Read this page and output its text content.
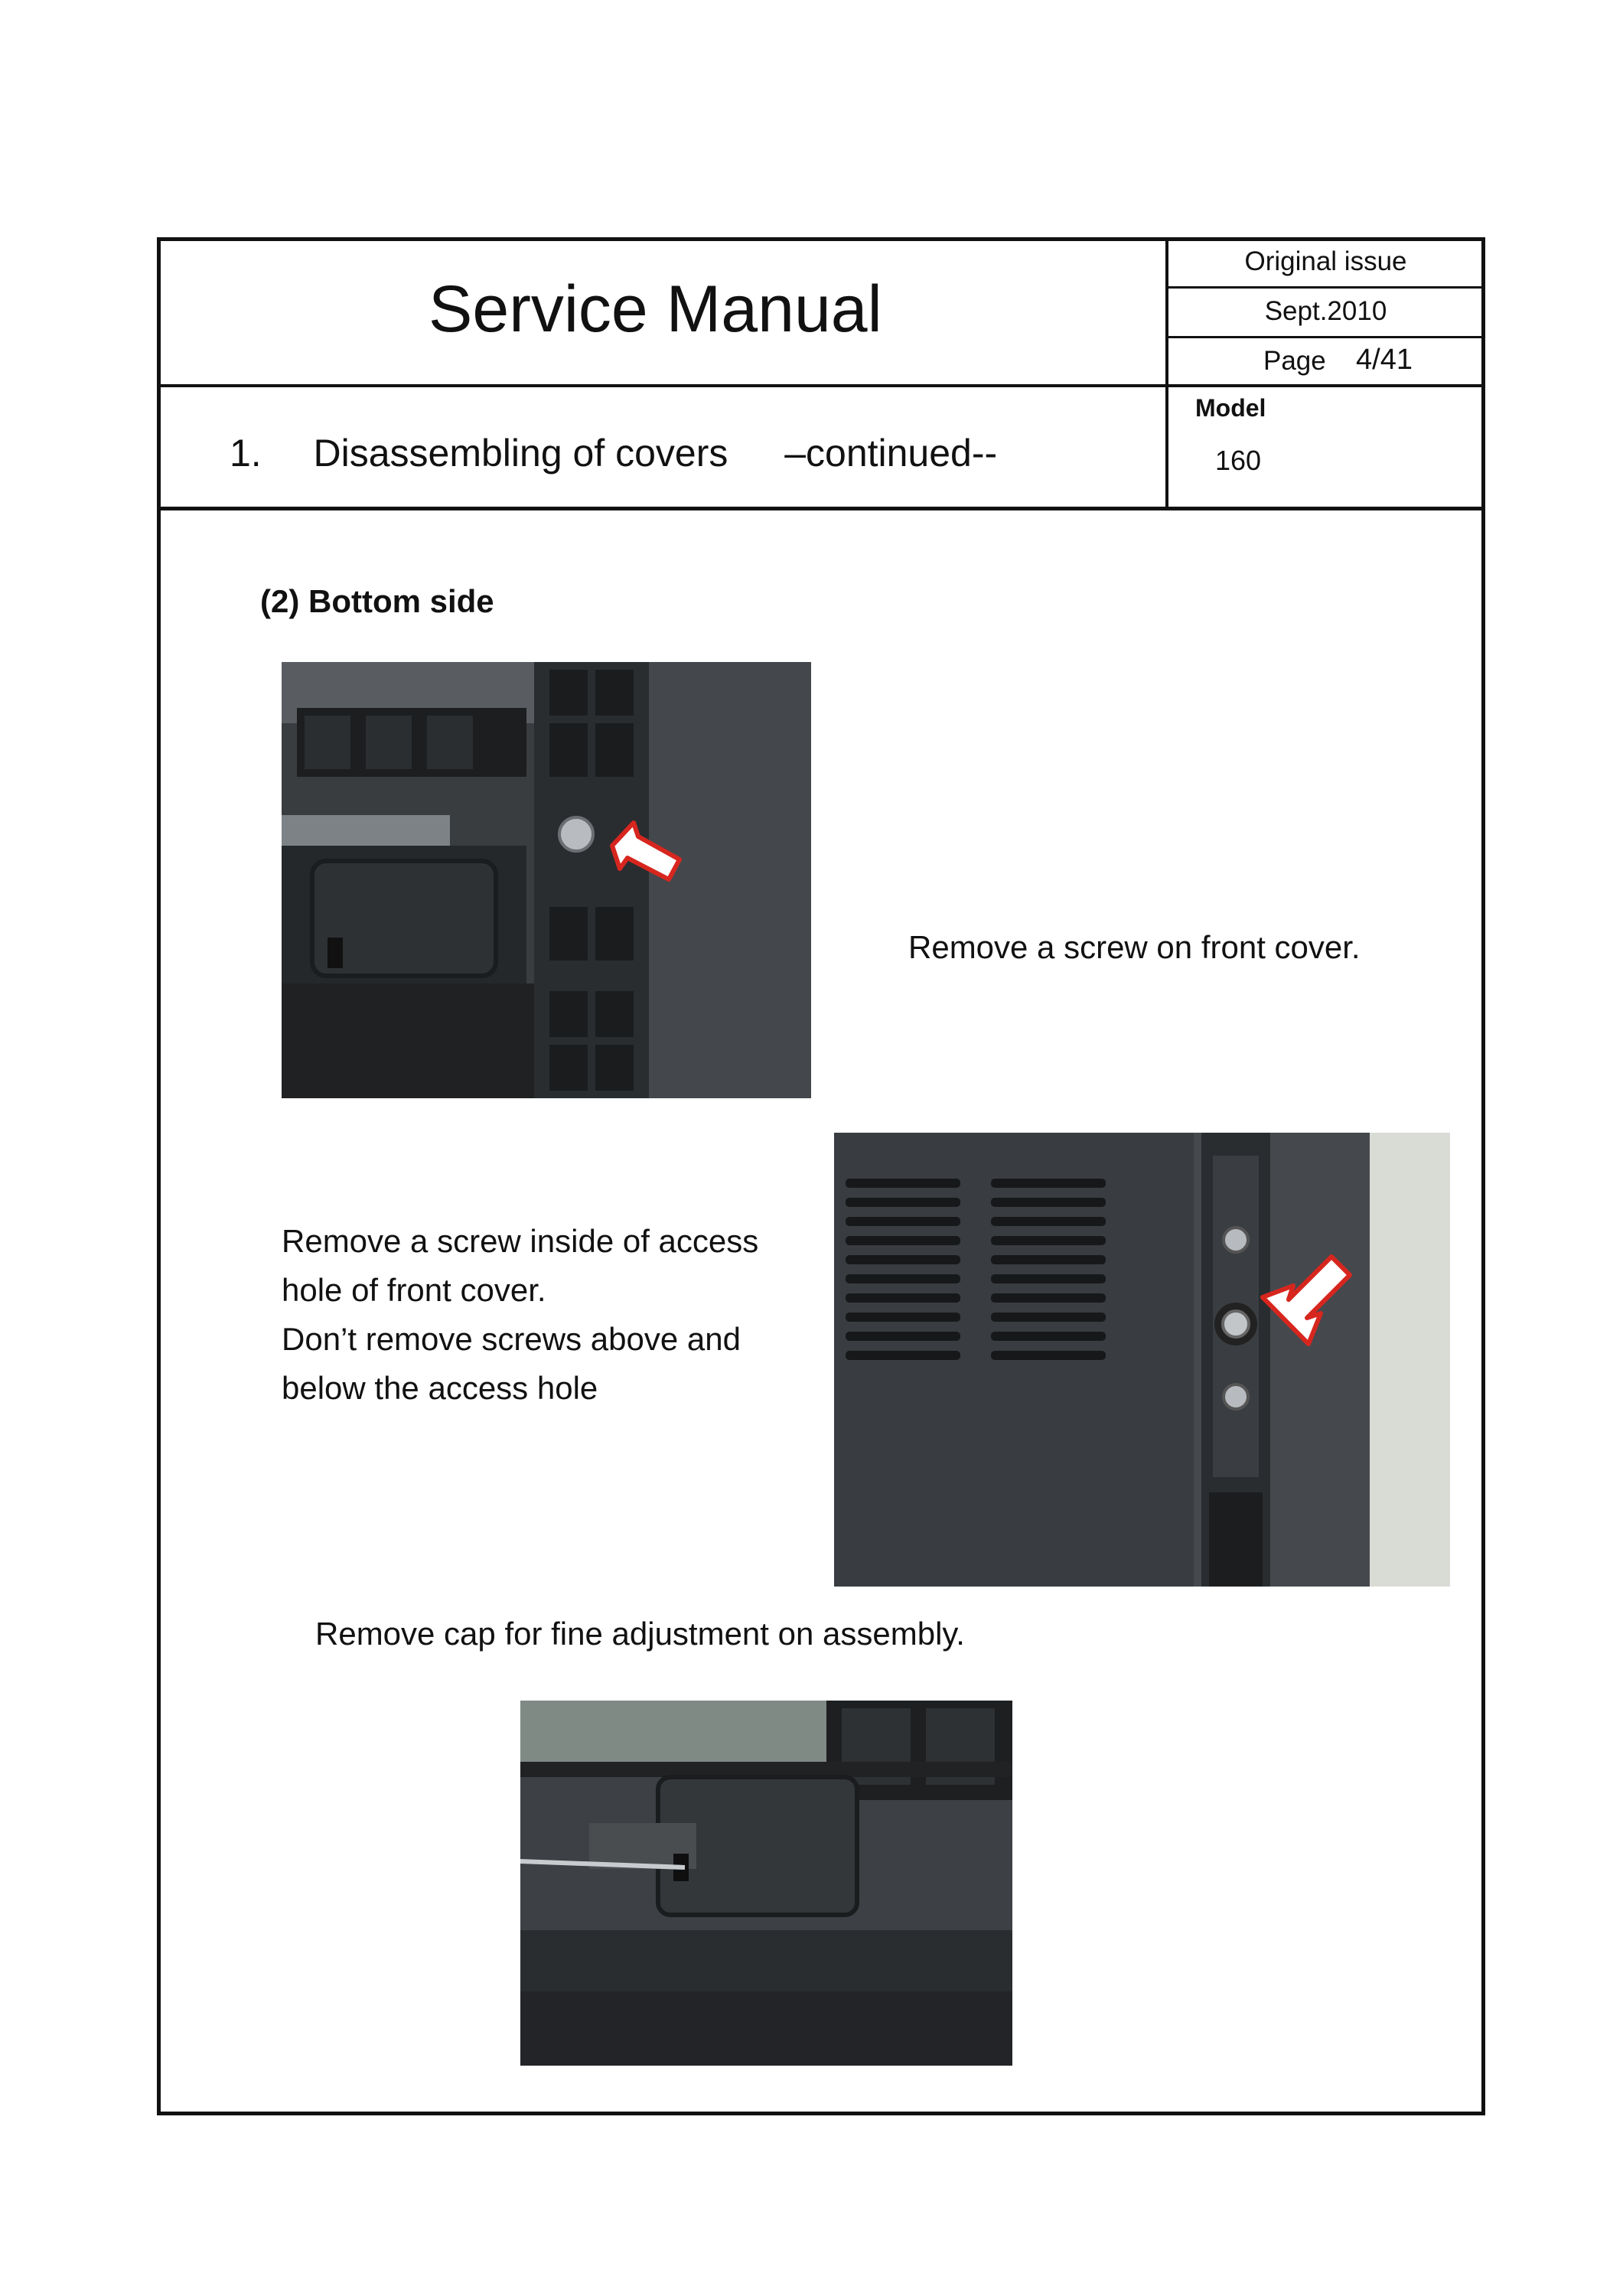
Service Manual
Original issue
Sept.2010
Page 4/41
1. Disassembling of covers –continued--
Model
160
(2) Bottom side
Remove a screw on front cover.
Remove a screw inside of access
hole of front cover.
Don’t remove screws above and
below the access hole
Remove cap for fine adjustment on assembly.
